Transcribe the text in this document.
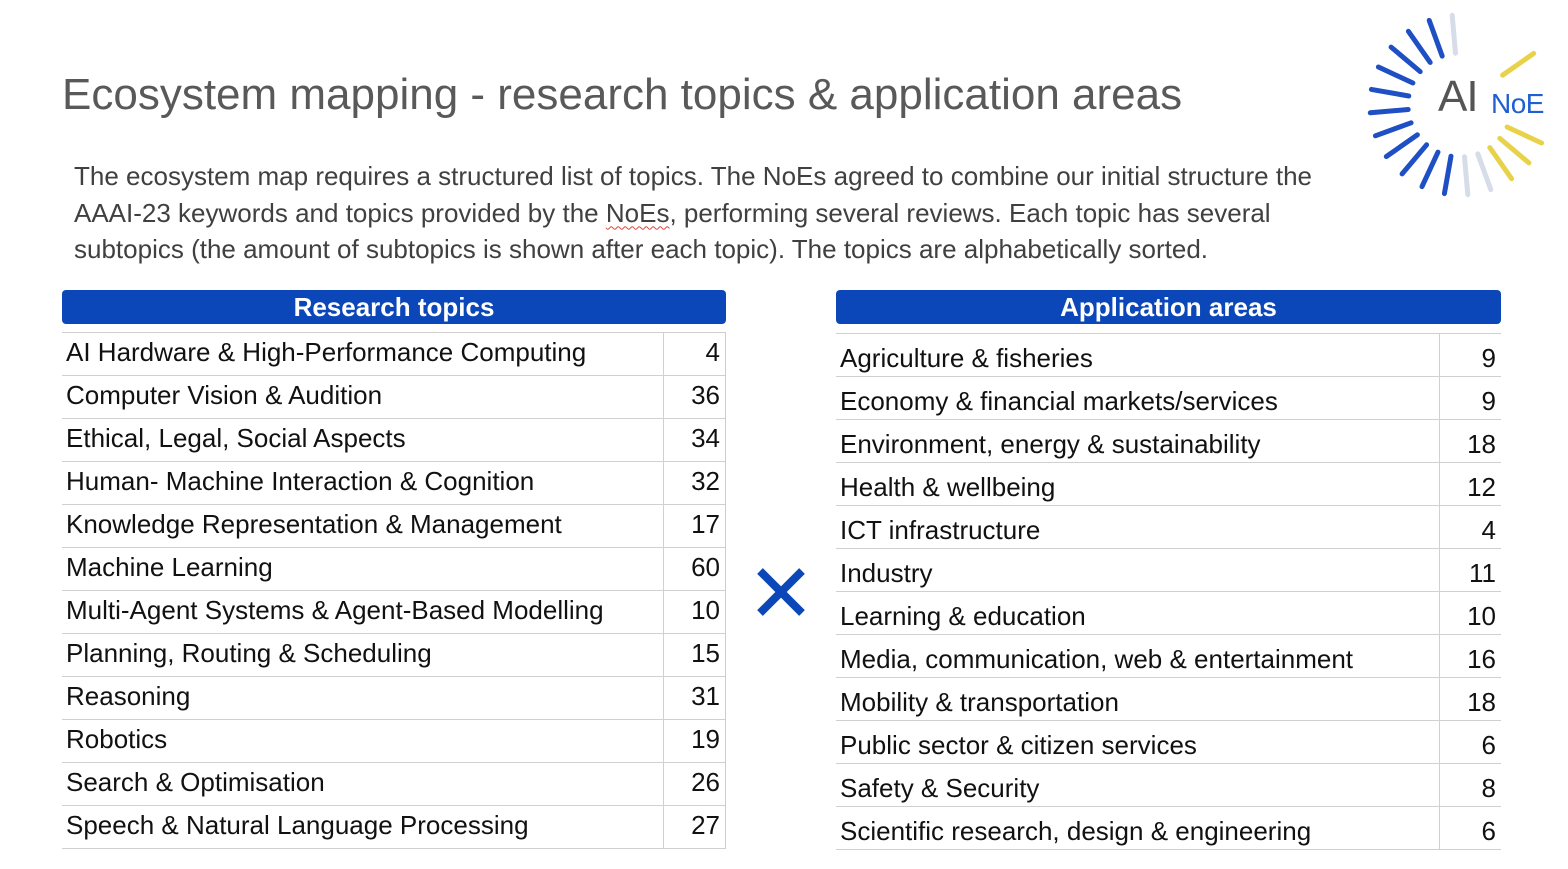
Ecosystem mapping - research topics & application areas	AI NoE
The ecosystem map requires a structured list of topics. The NoEs agreed to combine our initial structure the AAAI-23 keywords and topics provided by the NoEs, performing several reviews. Each topic has several subtopics (the amount of subtopics is shown after each topic). The topics are alphabetically sorted.
Research topics
AI Hardware & High-Performance Computing	4
Computer Vision & Audition	36
Ethical, Legal, Social Aspects	34
Human- Machine Interaction & Cognition	32
Knowledge Representation & Management	17
Machine Learning	60
Multi-Agent Systems & Agent-Based Modelling	10
Planning, Routing & Scheduling	15
Reasoning	31
Robotics	19
Search & Optimisation	26
Speech & Natural Language Processing	27
Application areas
Agriculture & fisheries	9
Economy & financial markets/services	9
Environment, energy & sustainability	18
Health & wellbeing	12
ICT infrastructure	4
Industry	11
Learning & education	10
Media, communication, web & entertainment	16
Mobility & transportation	18
Public sector & citizen services	6
Safety & Security	8
Scientific research, design & engineering	6
